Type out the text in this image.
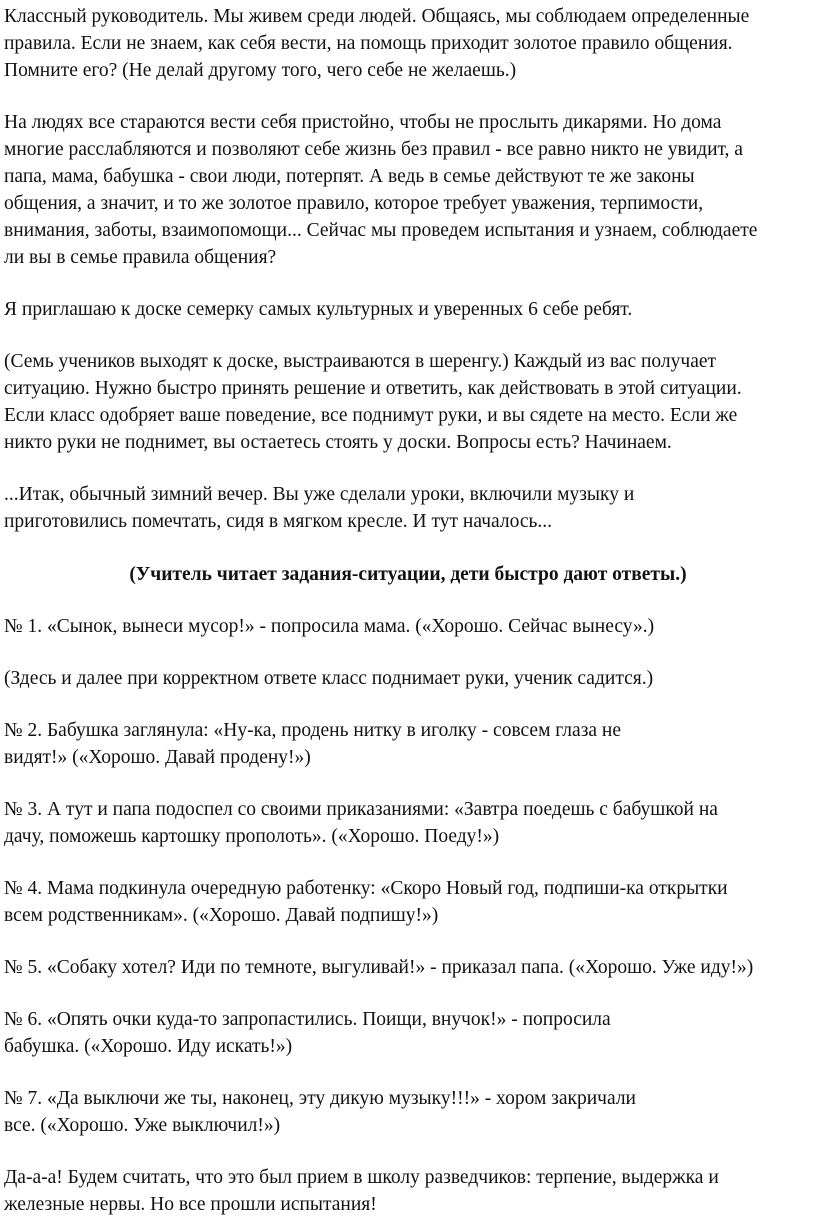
Классный руководитель. Мы живем среди людей. Общаясь, мы соблюдаем определенные
правила. Если не знаем, как себя вести, на помощь приходит золотое правило общения.
Помните его? (Не делай другому того, чего себе не желаешь.)

На людях все стараются вести себя пристойно, чтобы не прослыть дикарями. Но дома
многие расслабляются и позволяют себе жизнь без правил - все равно никто не увидит, а
папа, мама, бабушка - свои люди, потерпят. А ведь в семье действуют те же законы
общения, а значит, и то же золотое правило, которое требует уважения, терпимости,
внимания, заботы, взаимопомощи... Сейчас мы проведем испытания и узнаем, соблюдаете
ли вы в семье правила общения?

Я приглашаю к доске семерку самых культурных и уверенных 6 себе ребят.

(Семь учеников выходят к доске, выстраиваются в шеренгу.) Каждый из вас получает
ситуацию. Нужно быстро принять решение и ответить, как действовать в этой ситуации.
Если класс одобряет ваше поведение, все поднимут руки, и вы сядете на место. Если же
никто руки не поднимет, вы остаетесь стоять у доски. Вопросы есть? Начинаем.

...Итак, обычный зимний вечер. Вы уже сделали уроки, включили музыку и
приготовились помечтать, сидя в мягком кресле. И тут началось...

(Учитель читает задания-ситуации, дети быстро дают ответы.)

№ 1. «Сынок, вынеси мусор!» - попросила мама. («Хорошо. Сейчас вынесу».)

(Здесь и далее при корректном ответе класс поднимает руки, ученик садится.)

№ 2. Бабушка заглянула: «Ну-ка, продень нитку в иголку - совсем глаза не
видят!» («Хорошо. Давай продену!»)

№ 3. А тут и папа подоспел со своими приказаниями: «Завтра поедешь с бабушкой на
дачу, поможешь картошку прополоть». («Хорошо. Поеду!»)

№ 4. Мама подкинула очередную работенку: «Скоро Новый год, подпиши-ка открытки
всем родственникам». («Хорошо. Давай подпишу!»)

№ 5. «Собаку хотел? Иди по темноте, выгуливай!» - приказал папа. («Хорошо. Уже иду!»)

№ 6. «Опять очки куда-то запропастились. Поищи, внучок!» - попросила
бабушка. («Хорошо. Иду искать!»)

№ 7. «Да выключи же ты, наконец, эту дикую музыку!!!» - хором закричали
все. («Хорошо. Уже выключил!»)

Да-а-а! Будем считать, что это был прием в школу разведчиков: терпение, выдержка и
железные нервы. Но все прошли испытания!
